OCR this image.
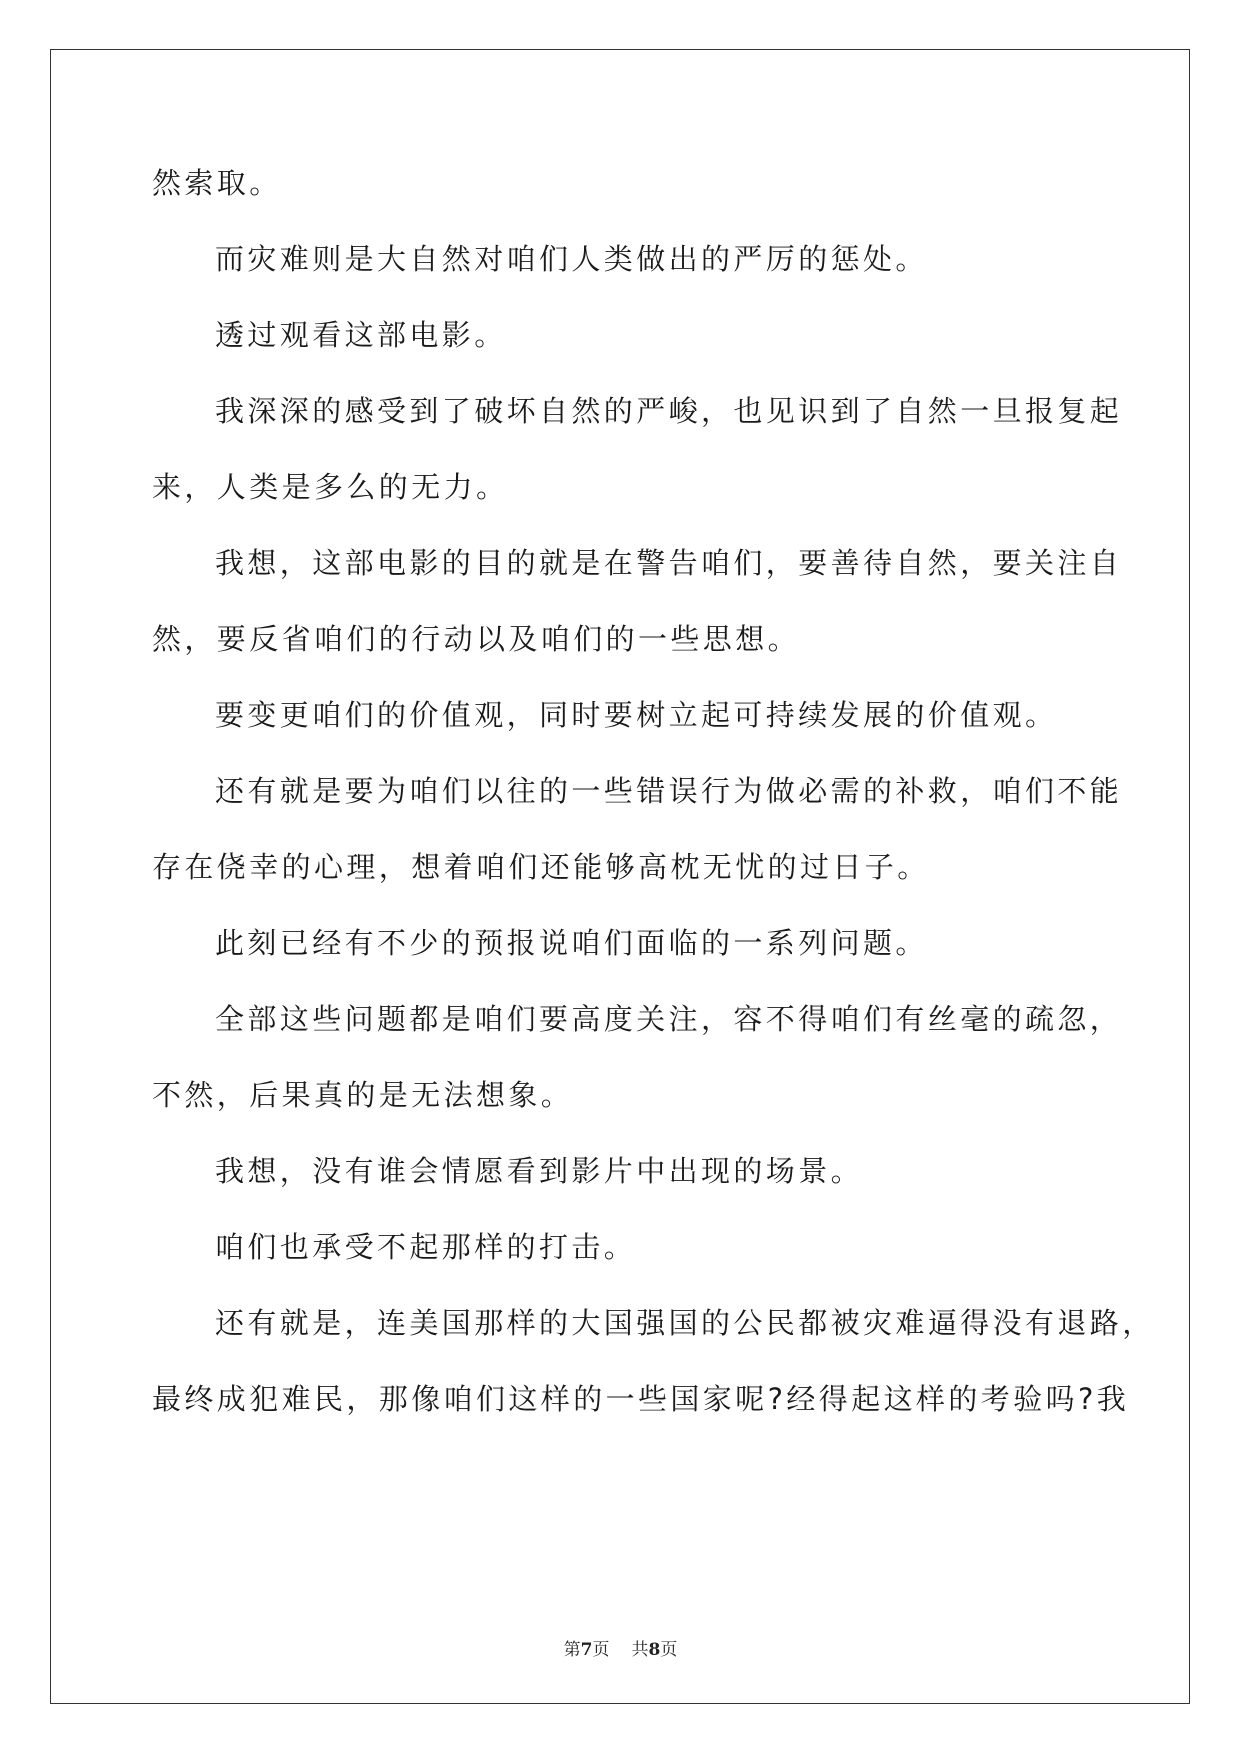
然索取。
而灾难则是大自然对咱们人类做出的严厉的惩处。
透过观看这部电影。
我深深的感受到了破坏自然的严峻，也见识到了自然一旦报复起
来，人类是多么的无力。
我想，这部电影的目的就是在警告咱们，要善待自然，要关注自
然，要反省咱们的行动以及咱们的一些思想。
要变更咱们的价值观，同时要树立起可持续发展的价值观。
还有就是要为咱们以往的一些错误行为做必需的补救，咱们不能
存在侥幸的心理，想着咱们还能够高枕无忧的过日子。
此刻已经有不少的预报说咱们面临的一系列问题。
全部这些问题都是咱们要高度关注，容不得咱们有丝毫的疏忽，
不然，后果真的是无法想象。
我想，没有谁会情愿看到影片中出现的场景。
咱们也承受不起那样的打击。
还有就是，连美国那样的大国强国的公民都被灾难逼得没有退路，
最终成犯难民，那像咱们这样的一些国家呢?经得起这样的考验吗?我
第7页 共8页
